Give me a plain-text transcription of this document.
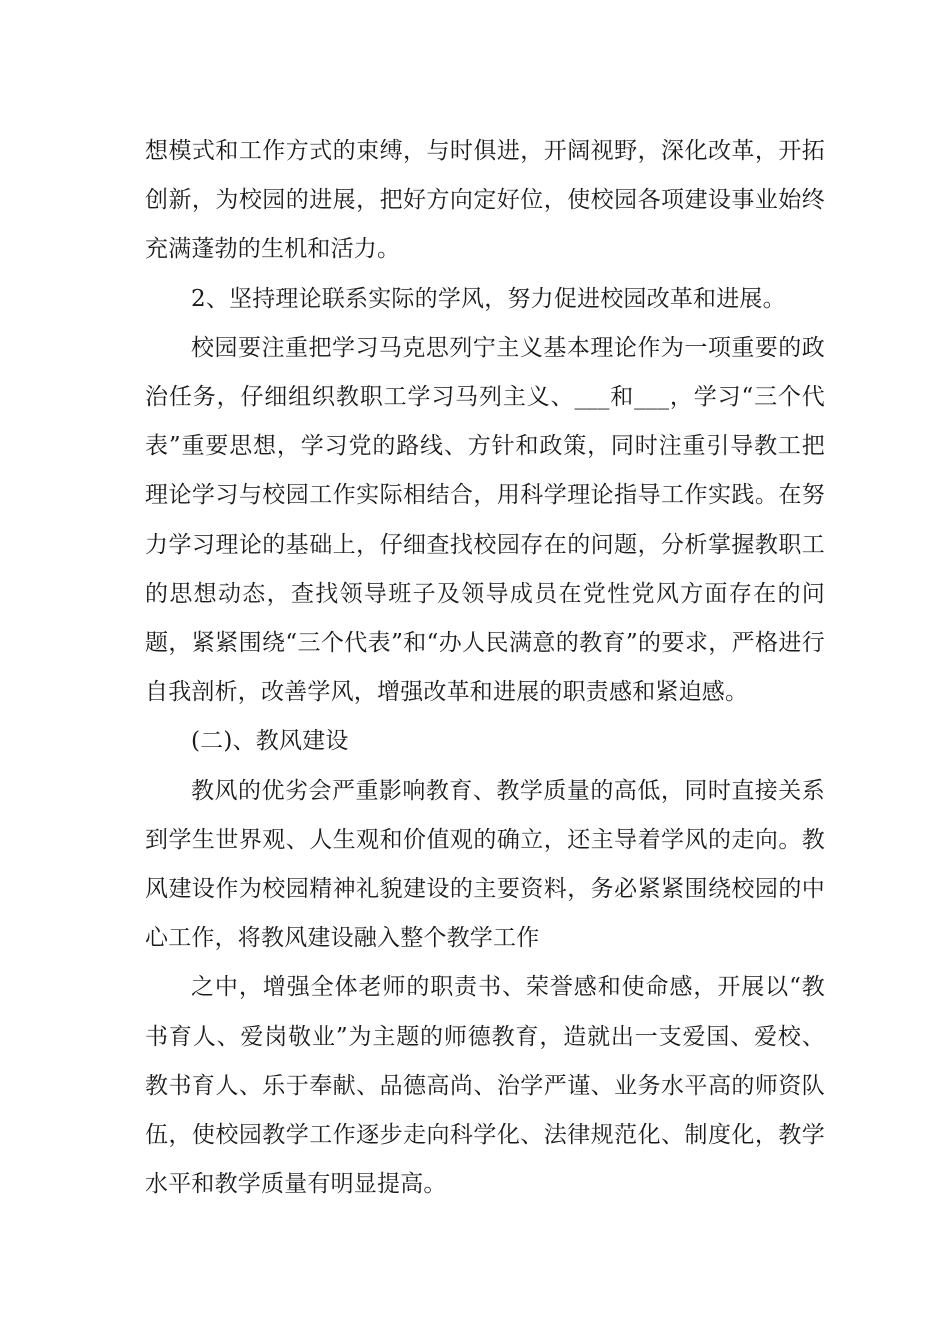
想模式和工作方式的束缚，与时俱进，开阔视野，深化改革，开拓创新，为校园的进展，把好方向定好位，使校园各项建设事业始终充满蓬勃的生机和活力。

2、坚持理论联系实际的学风，努力促进校园改革和进展。

校园要注重把学习马克思列宁主义基本理论作为一项重要的政治任务，仔细组织教职工学习马列主义、___和___，学习“三个代表”重要思想，学习党的路线、方针和政策，同时注重引导教工把理论学习与校园工作实际相结合，用科学理论指导工作实践。在努力学习理论的基础上，仔细查找校园存在的问题，分析掌握教职工的思想动态，查找领导班子及领导成员在党性党风方面存在的问题，紧紧围绕“三个代表”和“办人民满意的教育”的要求，严格进行自我剖析，改善学风，增强改革和进展的职责感和紧迫感。

(二)、教风建设

教风的优劣会严重影响教育、教学质量的高低，同时直接关系到学生世界观、人生观和价值观的确立，还主导着学风的走向。教风建设作为校园精神礼貌建设的主要资料，务必紧紧围绕校园的中心工作，将教风建设融入整个教学工作

之中，增强全体老师的职责书、荣誉感和使命感，开展以“教书育人、爱岗敬业”为主题的师德教育，造就出一支爱国、爱校、教书育人、乐于奉献、品德高尚、治学严谨、业务水平高的师资队伍，使校园教学工作逐步走向科学化、法律规范化、制度化，教学水平和教学质量有明显提高。
